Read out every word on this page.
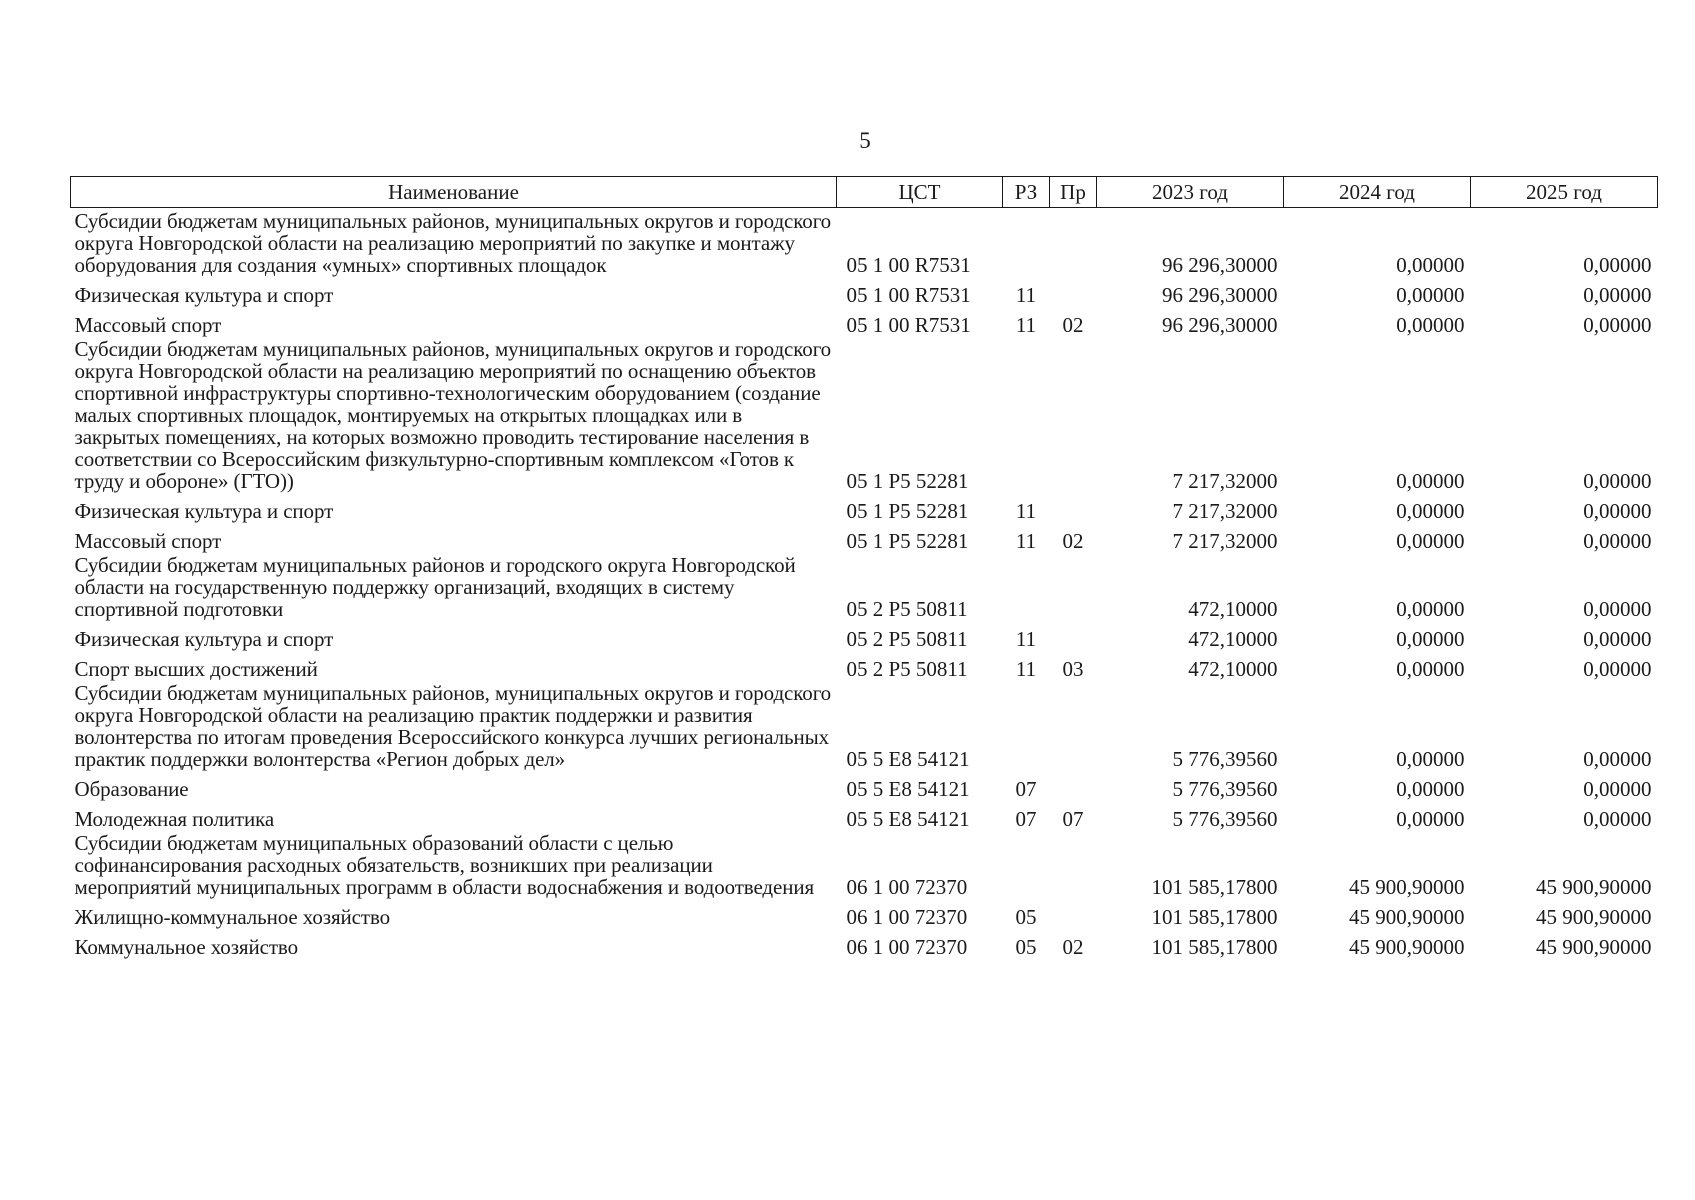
5
Наименование	ЦСТ	РЗ	Пр	2023 год	2024 год	2025 год
Субсидии бюджетам муниципальных районов, муниципальных округов и городского округа Новгородской области на реализацию мероприятий по закупке и монтажу оборудования для создания «умных» спортивных площадок	05 1 00 R7531			96 296,30000	0,00000	0,00000
Физическая культура и спорт	05 1 00 R7531	11		96 296,30000	0,00000	0,00000
Массовый спорт	05 1 00 R7531	11	02	96 296,30000	0,00000	0,00000
Субсидии бюджетам муниципальных районов, муниципальных округов и городского округа Новгородской области на реализацию мероприятий по оснащению объектов спортивной инфраструктуры спортивно-технологическим оборудованием (создание малых спортивных площадок, монтируемых на открытых площадках или в закрытых помещениях, на которых возможно проводить тестирование населения в соответствии со Всероссийским физкультурно-спортивным комплексом «Готов к труду и обороне» (ГТО))	05 1 P5 52281			7 217,32000	0,00000	0,00000
Физическая культура и спорт	05 1 P5 52281	11		7 217,32000	0,00000	0,00000
Массовый спорт	05 1 P5 52281	11	02	7 217,32000	0,00000	0,00000
Субсидии бюджетам муниципальных районов и городского округа Новгородской области на государственную поддержку организаций, входящих в систему спортивной подготовки	05 2 P5 50811			472,10000	0,00000	0,00000
Физическая культура и спорт	05 2 P5 50811	11		472,10000	0,00000	0,00000
Спорт высших достижений	05 2 P5 50811	11	03	472,10000	0,00000	0,00000
Субсидии бюджетам муниципальных районов, муниципальных округов и городского округа Новгородской области на реализацию практик поддержки и развития волонтерства по итогам проведения Всероссийского конкурса лучших региональных практик поддержки волонтерства «Регион добрых дел»	05 5 E8 54121			5 776,39560	0,00000	0,00000
Образование	05 5 E8 54121	07		5 776,39560	0,00000	0,00000
Молодежная политика	05 5 E8 54121	07	07	5 776,39560	0,00000	0,00000
Субсидии бюджетам муниципальных образований области с целью софинансирования расходных обязательств, возникших при реализации мероприятий муниципальных программ в области водоснабжения и водоотведения	06 1 00 72370			101 585,17800	45 900,90000	45 900,90000
Жилищно-коммунальное хозяйство	06 1 00 72370	05		101 585,17800	45 900,90000	45 900,90000
Коммунальное хозяйство	06 1 00 72370	05	02	101 585,17800	45 900,90000	45 900,90000
